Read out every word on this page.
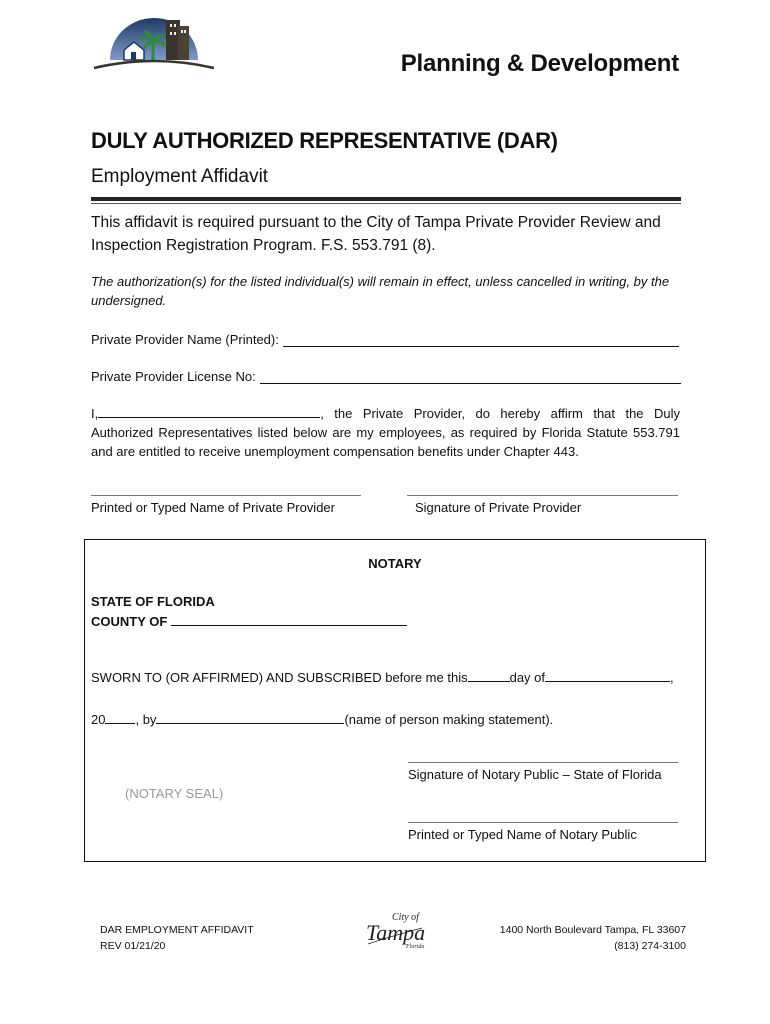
Planning & Development
DULY AUTHORIZED REPRESENTATIVE (DAR)
Employment Affidavit
This affidavit is required pursuant to the City of Tampa Private Provider Review and Inspection Registration Program. F.S. 553.791 (8).
The authorization(s) for the listed individual(s) will remain in effect, unless cancelled in writing, by the undersigned.
Private Provider Name (Printed):
Private Provider License No:
I,	, the Private Provider, do hereby affirm that the Duly Authorized Representatives listed below are my employees, as required by Florida Statute 553.791 and are entitled to receive unemployment compensation benefits under Chapter 443.
Printed or Typed Name of Private Provider	Signature of Private Provider
NOTARY
STATE OF FLORIDA
COUNTY OF
SWORN TO (OR AFFIRMED) AND SUBSCRIBED before me this	day of	,
20 , by	(name of person making statement).
Signature of Notary Public – State of Florida
(NOTARY SEAL)
Printed or Typed Name of Notary Public
DAR EMPLOYMENT AFFIDAVIT
REV 01/21/20
City of
Tampa
Florida
1400 North Boulevard Tampa, FL 33607
(813) 274-3100
